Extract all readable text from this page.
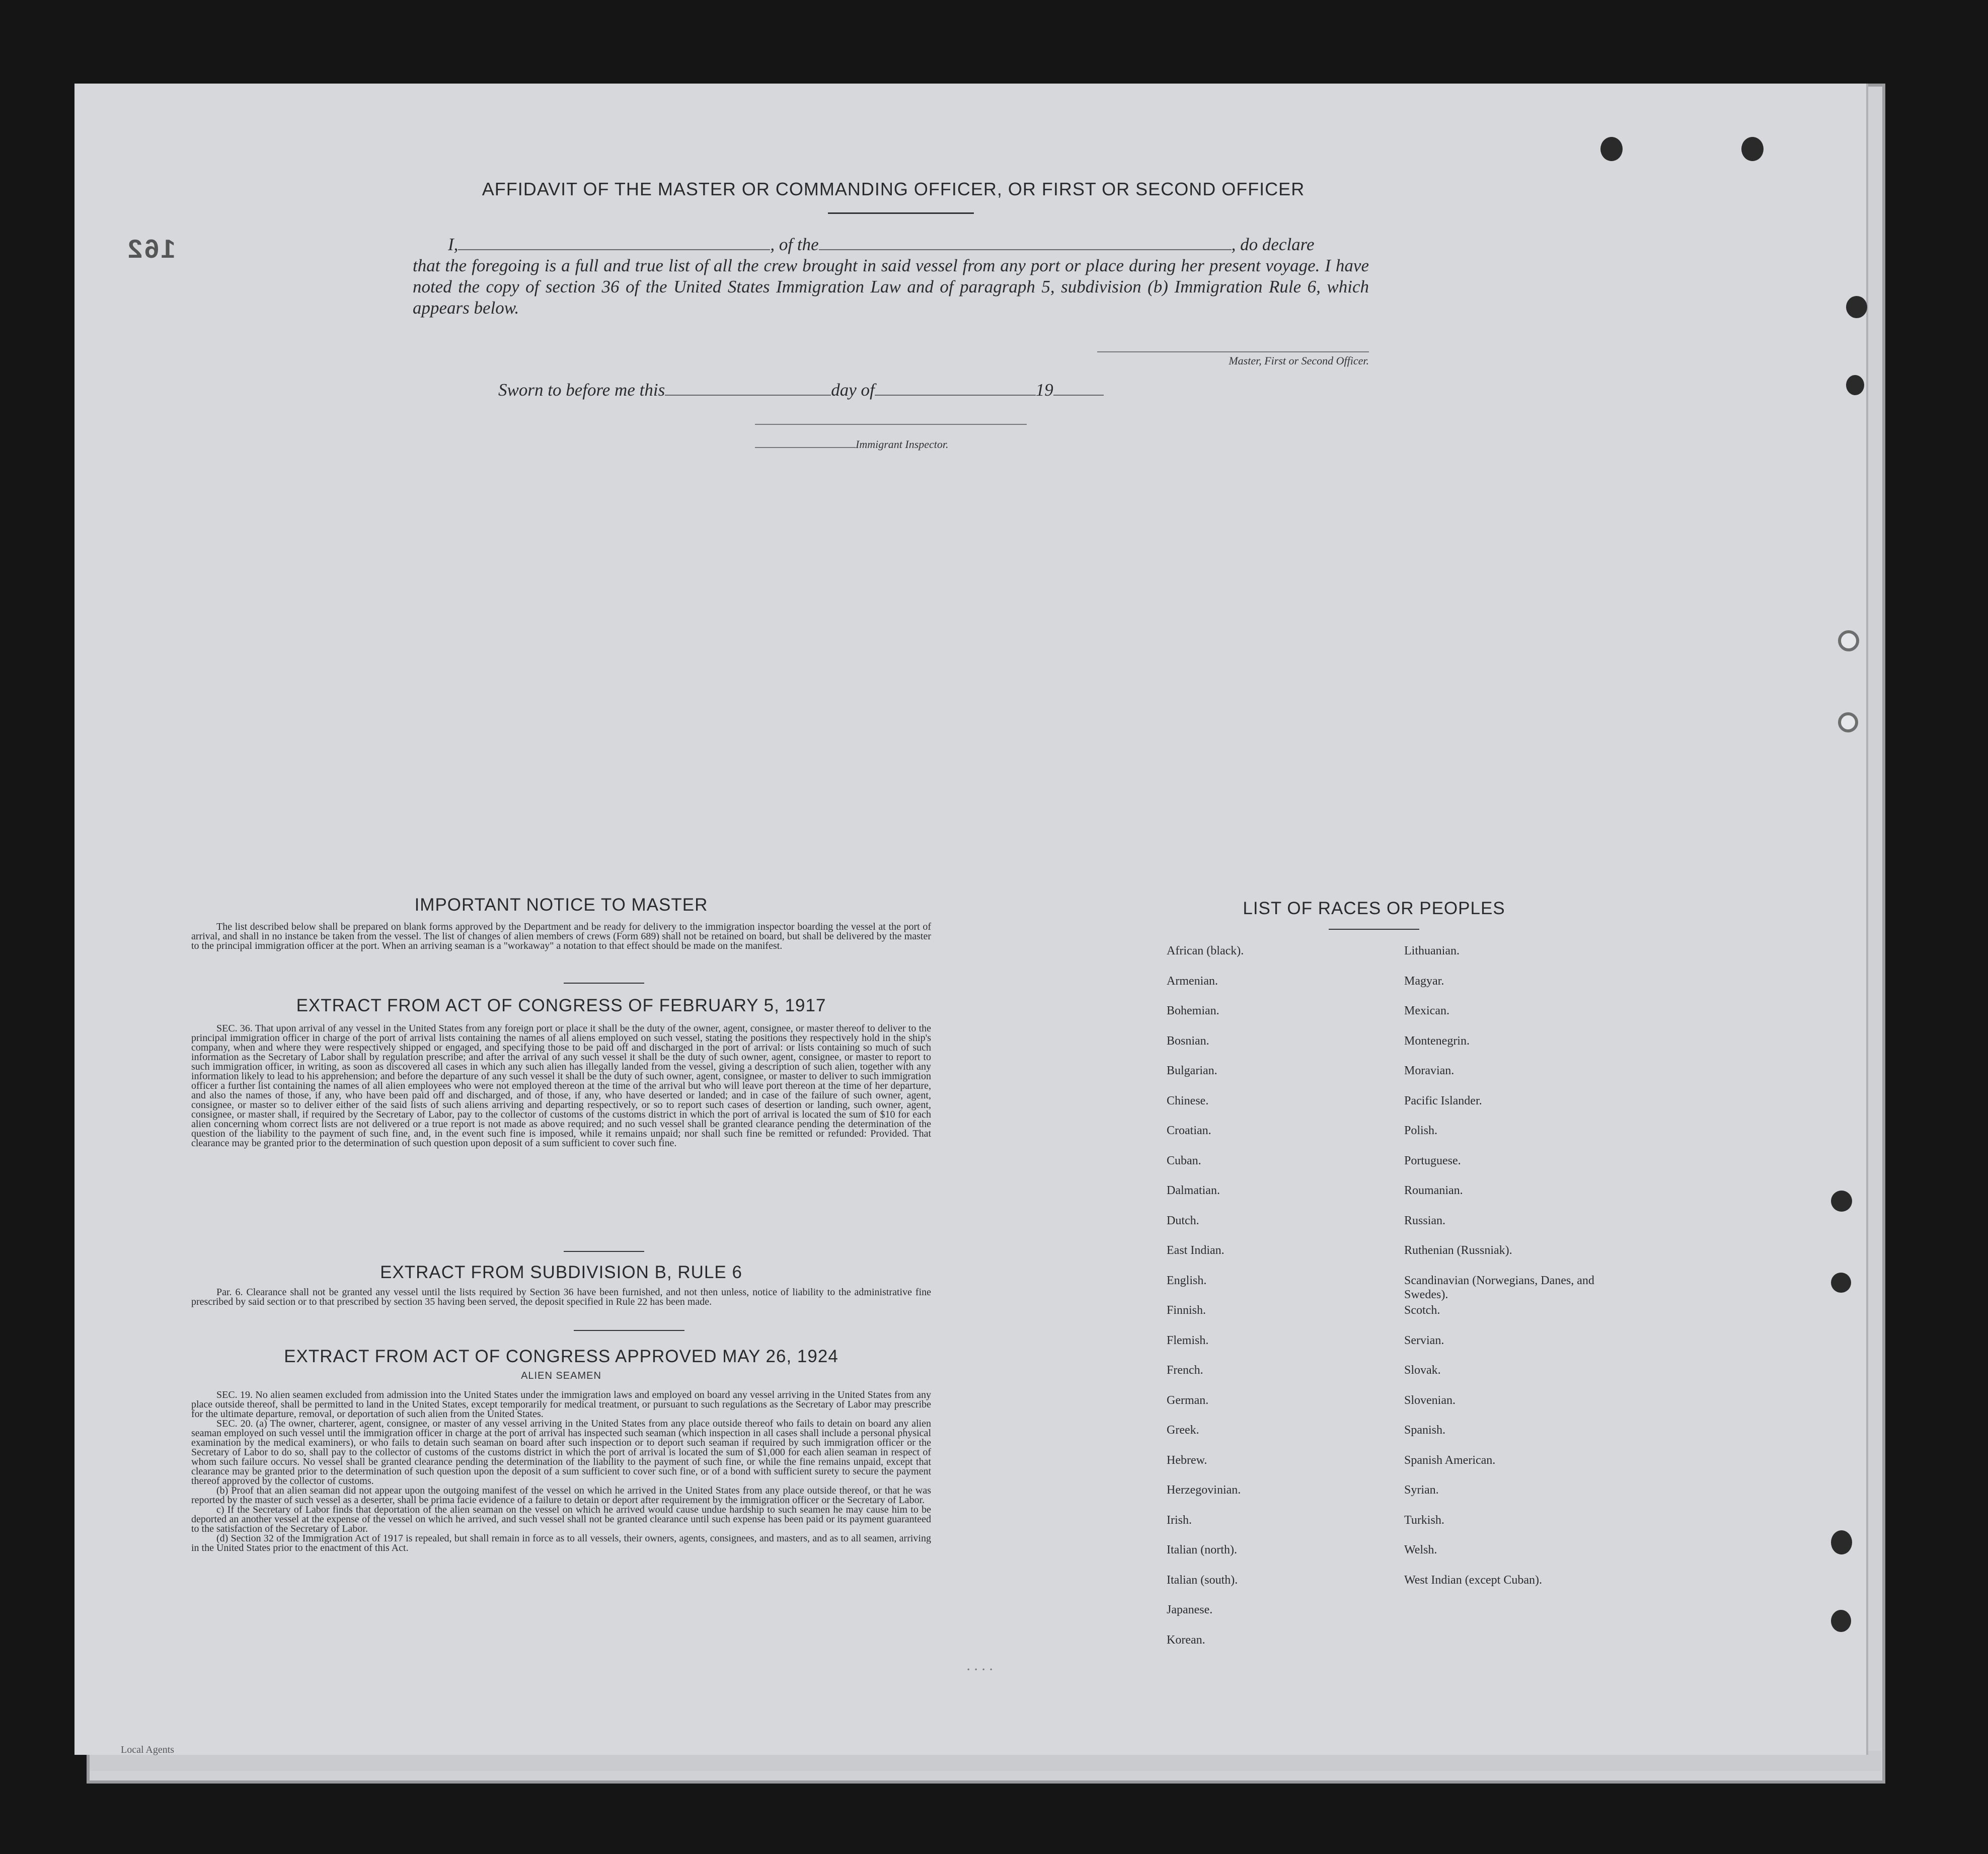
162
AFFIDAVIT OF THE MASTER OR COMMANDING OFFICER, OR FIRST OR SECOND OFFICER
I,	, of the	, do declare
that the foregoing is a full and true list of all the crew brought in said vessel from any port or place during her present voyage. I have noted the copy of section 36 of the United States Immigration Law and of paragraph 5, subdivision (b) Immigration Rule 6, which appears below.
Master, First or Second Officer.
Sworn to before me this	day of	19
Immigrant Inspector.
IMPORTANT NOTICE TO MASTER

The list described below shall be prepared on blank forms approved by the Department and be ready for delivery to the immigration inspector boarding the vessel at the port of arrival, and shall in no instance be taken from the vessel. The list of changes of alien members of crews (Form 689) shall not be retained on board, but shall be delivered by the master to the principal immigration officer at the port. When an arriving seaman is a "workaway" a notation to that effect should be made on the manifest.

EXTRACT FROM ACT OF CONGRESS OF FEBRUARY 5, 1917

SEC. 36. That upon arrival of any vessel in the United States from any foreign port or place it shall be the duty of the owner, agent, consignee, or master thereof to deliver to the principal immigration officer in charge of the port of arrival lists containing the names of all aliens employed on such vessel, stating the positions they respectively hold in the ship's company, when and where they were respectively shipped or engaged, and specifying those to be paid off and discharged in the port of arrival: or lists containing so much of such information as the Secretary of Labor shall by regulation prescribe; and after the arrival of any such vessel it shall be the duty of such owner, agent, consignee, or master to report to such immigration officer, in writing, as soon as discovered all cases in which any such alien has illegally landed from the vessel, giving a description of such alien, together with any information likely to lead to his apprehension; and before the departure of any such vessel it shall be the duty of such owner, agent, consignee, or master to deliver to such immigration officer a further list containing the names of all alien employees who were not employed thereon at the time of the arrival but who will leave port thereon at the time of her departure, and also the names of those, if any, who have been paid off and discharged, and of those, if any, who have deserted or landed; and in case of the failure of such owner, agent, consignee, or master so to deliver either of the said lists of such aliens arriving and departing respectively, or so to report such cases of desertion or landing, such owner, agent, consignee, or master shall, if required by the Secretary of Labor, pay to the collector of customs of the customs district in which the port of arrival is located the sum of $10 for each alien concerning whom correct lists are not delivered or a true report is not made as above required; and no such vessel shall be granted clearance pending the determination of the question of the liability to the payment of such fine, and, in the event such fine is imposed, while it remains unpaid; nor shall such fine be remitted or refunded: Provided. That clearance may be granted prior to the determination of such question upon deposit of a sum sufficient to cover such fine.

EXTRACT FROM SUBDIVISION B, RULE 6

Par. 6. Clearance shall not be granted any vessel until the lists required by Section 36 have been furnished, and not then unless, notice of liability to the administrative fine prescribed by said section or to that prescribed by section 35 having been served, the deposit specified in Rule 22 has been made.

EXTRACT FROM ACT OF CONGRESS APPROVED MAY 26, 1924
ALIEN SEAMEN

SEC. 19. No alien seamen excluded from admission into the United States under the immigration laws and employed on board any vessel arriving in the United States from any place outside thereof, shall be permitted to land in the United States, except temporarily for medical treatment, or pursuant to such regulations as the Secretary of Labor may prescribe for the ultimate departure, removal, or deportation of such alien from the United States.

SEC. 20. (a) The owner, charterer, agent, consignee, or master of any vessel arriving in the United States from any place outside thereof who fails to detain on board any alien seaman employed on such vessel until the immigration officer in charge at the port of arrival has inspected such seaman (which inspection in all cases shall include a personal physical examination by the medical examiners), or who fails to detain such seaman on board after such inspection or to deport such seaman if required by such immigration officer or the Secretary of Labor to do so, shall pay to the collector of customs of the customs district in which the port of arrival is located the sum of $1,000 for each alien seaman in respect of whom such failure occurs. No vessel shall be granted clearance pending the determination of the liability to the payment of such fine, or while the fine remains unpaid, except that clearance may be granted prior to the determination of such question upon the deposit of a sum sufficient to cover such fine, or of a bond with sufficient surety to secure the payment thereof approved by the collector of customs.

(b) Proof that an alien seaman did not appear upon the outgoing manifest of the vessel on which he arrived in the United States from any place outside thereof, or that he was reported by the master of such vessel as a deserter, shall be prima facie evidence of a failure to detain or deport after requirement by the immigration officer or the Secretary of Labor.

c) If the Secretary of Labor finds that deportation of the alien seaman on the vessel on which he arrived would cause undue hardship to such seamen he may cause him to be deported an another vessel at the expense of the vessel on which he arrived, and such vessel shall not be granted clearance until such expense has been paid or its payment guaranteed to the satisfaction of the Secretary of Labor.

(d) Section 32 of the Immigration Act of 1917 is repealed, but shall remain in force as to all vessels, their owners, agents, consignees, and masters, and as to all seamen, arriving in the United States prior to the enactment of this Act.

LIST OF RACES OR PEOPLES
African (black).
Armenian.
Bohemian.
Bosnian.
Bulgarian.
Chinese.
Croatian.
Cuban.
Dalmatian.
Dutch.
East Indian.
English.
Finnish.
Flemish.
French.
German.
Greek.
Hebrew.
Herzegovinian.
Irish.
Italian (north).
Italian (south).
Japanese.
Korean.
Lithuanian.
Magyar.
Mexican.
Montenegrin.
Moravian.
Pacific Islander.
Polish.
Portuguese.
Roumanian.
Russian.
Ruthenian (Russniak).
Scandinavian (Norwegians, Danes, and Swedes).
Scotch.
Servian.
Slovak.
Slovenian.
Spanish.
Spanish American.
Syrian.
Turkish.
Welsh.
West Indian (except Cuban).
· · · ·
Local Agents
